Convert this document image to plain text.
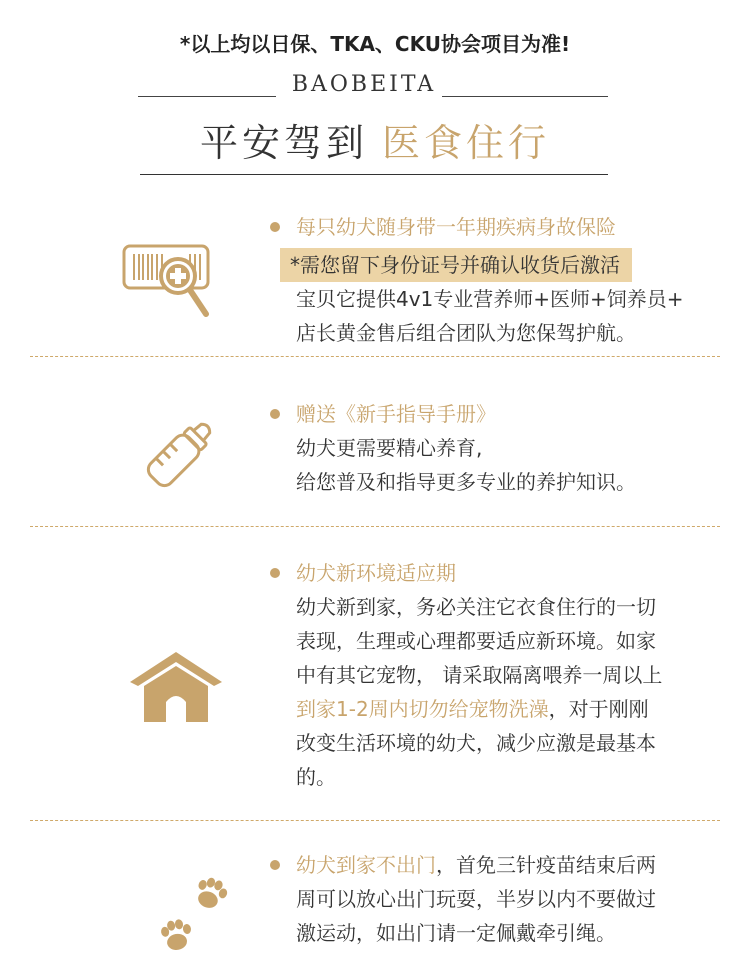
*以上均以日保、TKA、CKU协会项目为准!
BAOBEITA
平安驾到 医食住行
每只幼犬随身带一年期疾病身故保险
*需您留下身份证号并确认收货后激活
宝贝它提供4v1专业营养师+医师+饲养员+
店长黄金售后组合团队为您保驾护航。
赠送《新手指导手册》
幼犬更需要精心养育,
给您普及和指导更多专业的养护知识。
幼犬新环境适应期
幼犬新到家，务必关注它衣食住行的一切
表现，生理或心理都要适应新环境。如家
中有其它宠物， 请采取隔离喂养一周以上
到家1-2周内切勿给宠物洗澡，对于刚刚
改变生活环境的幼犬，减少应激是最基本
的。
幼犬到家不出门，首免三针疫苗结束后两
周可以放心出门玩耍，半岁以内不要做过
激运动，如出门请一定佩戴牵引绳。
